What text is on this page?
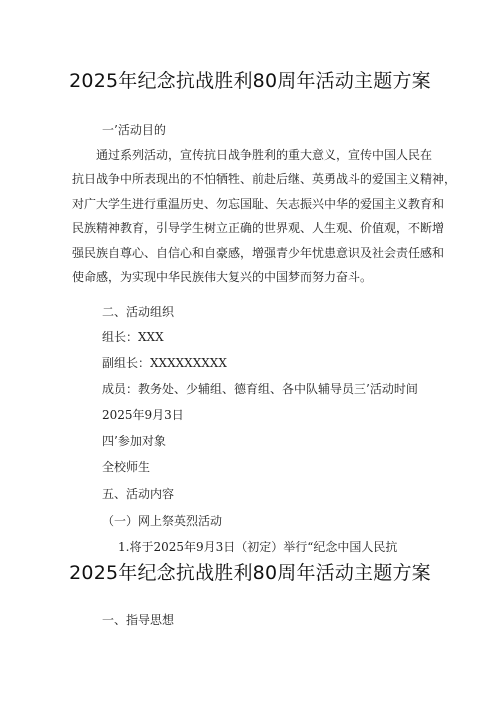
2025年纪念抗战胜利80周年活动主题方案
一’活动目的
通过系列活动，宣传抗日战争胜利的重大意义，宣传中国人民在
抗日战争中所表现出的不怕牺牲、前赴后继、英勇战斗的爱国主义精神，
对广大学生进行重温历史、勿忘国耻、矢志振兴中华的爱国主义教育和
民族精神教育，引导学生树立正确的世界观、人生观、价值观，不断增
强民族自尊心、自信心和自豪感，增强青少年忧患意识及社会责任感和
使命感，为实现中华民族伟大复兴的中国梦而努力奋斗。
二、活动组织
组长：XXX
副组长：XXXXXXXXX
成员：教务处、少辅组、德育组、各中队辅导员三’活动时间
2025年9月3日
四’参加对象
全校师生
五、活动内容
（一）网上祭英烈活动
1.将于2025年9月3日（初定）举行“纪念中国人民抗
2025年纪念抗战胜利80周年活动主题方案
一、指导思想
